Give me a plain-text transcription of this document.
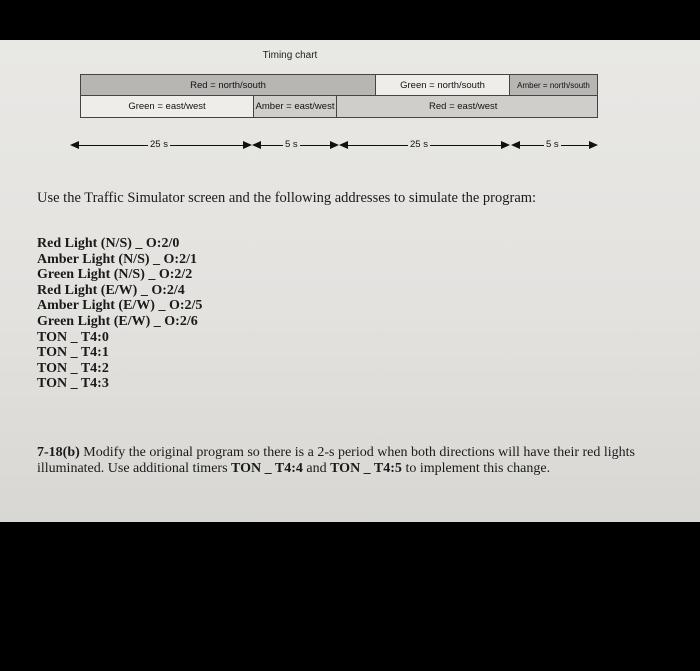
Timing chart
Red = north/south	Green = north/south	Amber = north/south
Green = east/west	Amber = east/west	Red = east/west
25 s	5 s	25 s	5 s
Use the Traffic Simulator screen and the following addresses to simulate the program:
Red Light (N/S) _ O:2/0
Amber Light (N/S) _ O:2/1
Green Light (N/S) _ O:2/2
Red Light (E/W) _ O:2/4
Amber Light (E/W) _ O:2/5
Green Light (E/W) _ O:2/6
TON _ T4:0
TON _ T4:1
TON _ T4:2
TON _ T4:3
7-18(b) Modify the original program so there is a 2-s period when both directions will have their red lights illuminated. Use additional timers TON _ T4:4 and TON _ T4:5 to implement this change.
